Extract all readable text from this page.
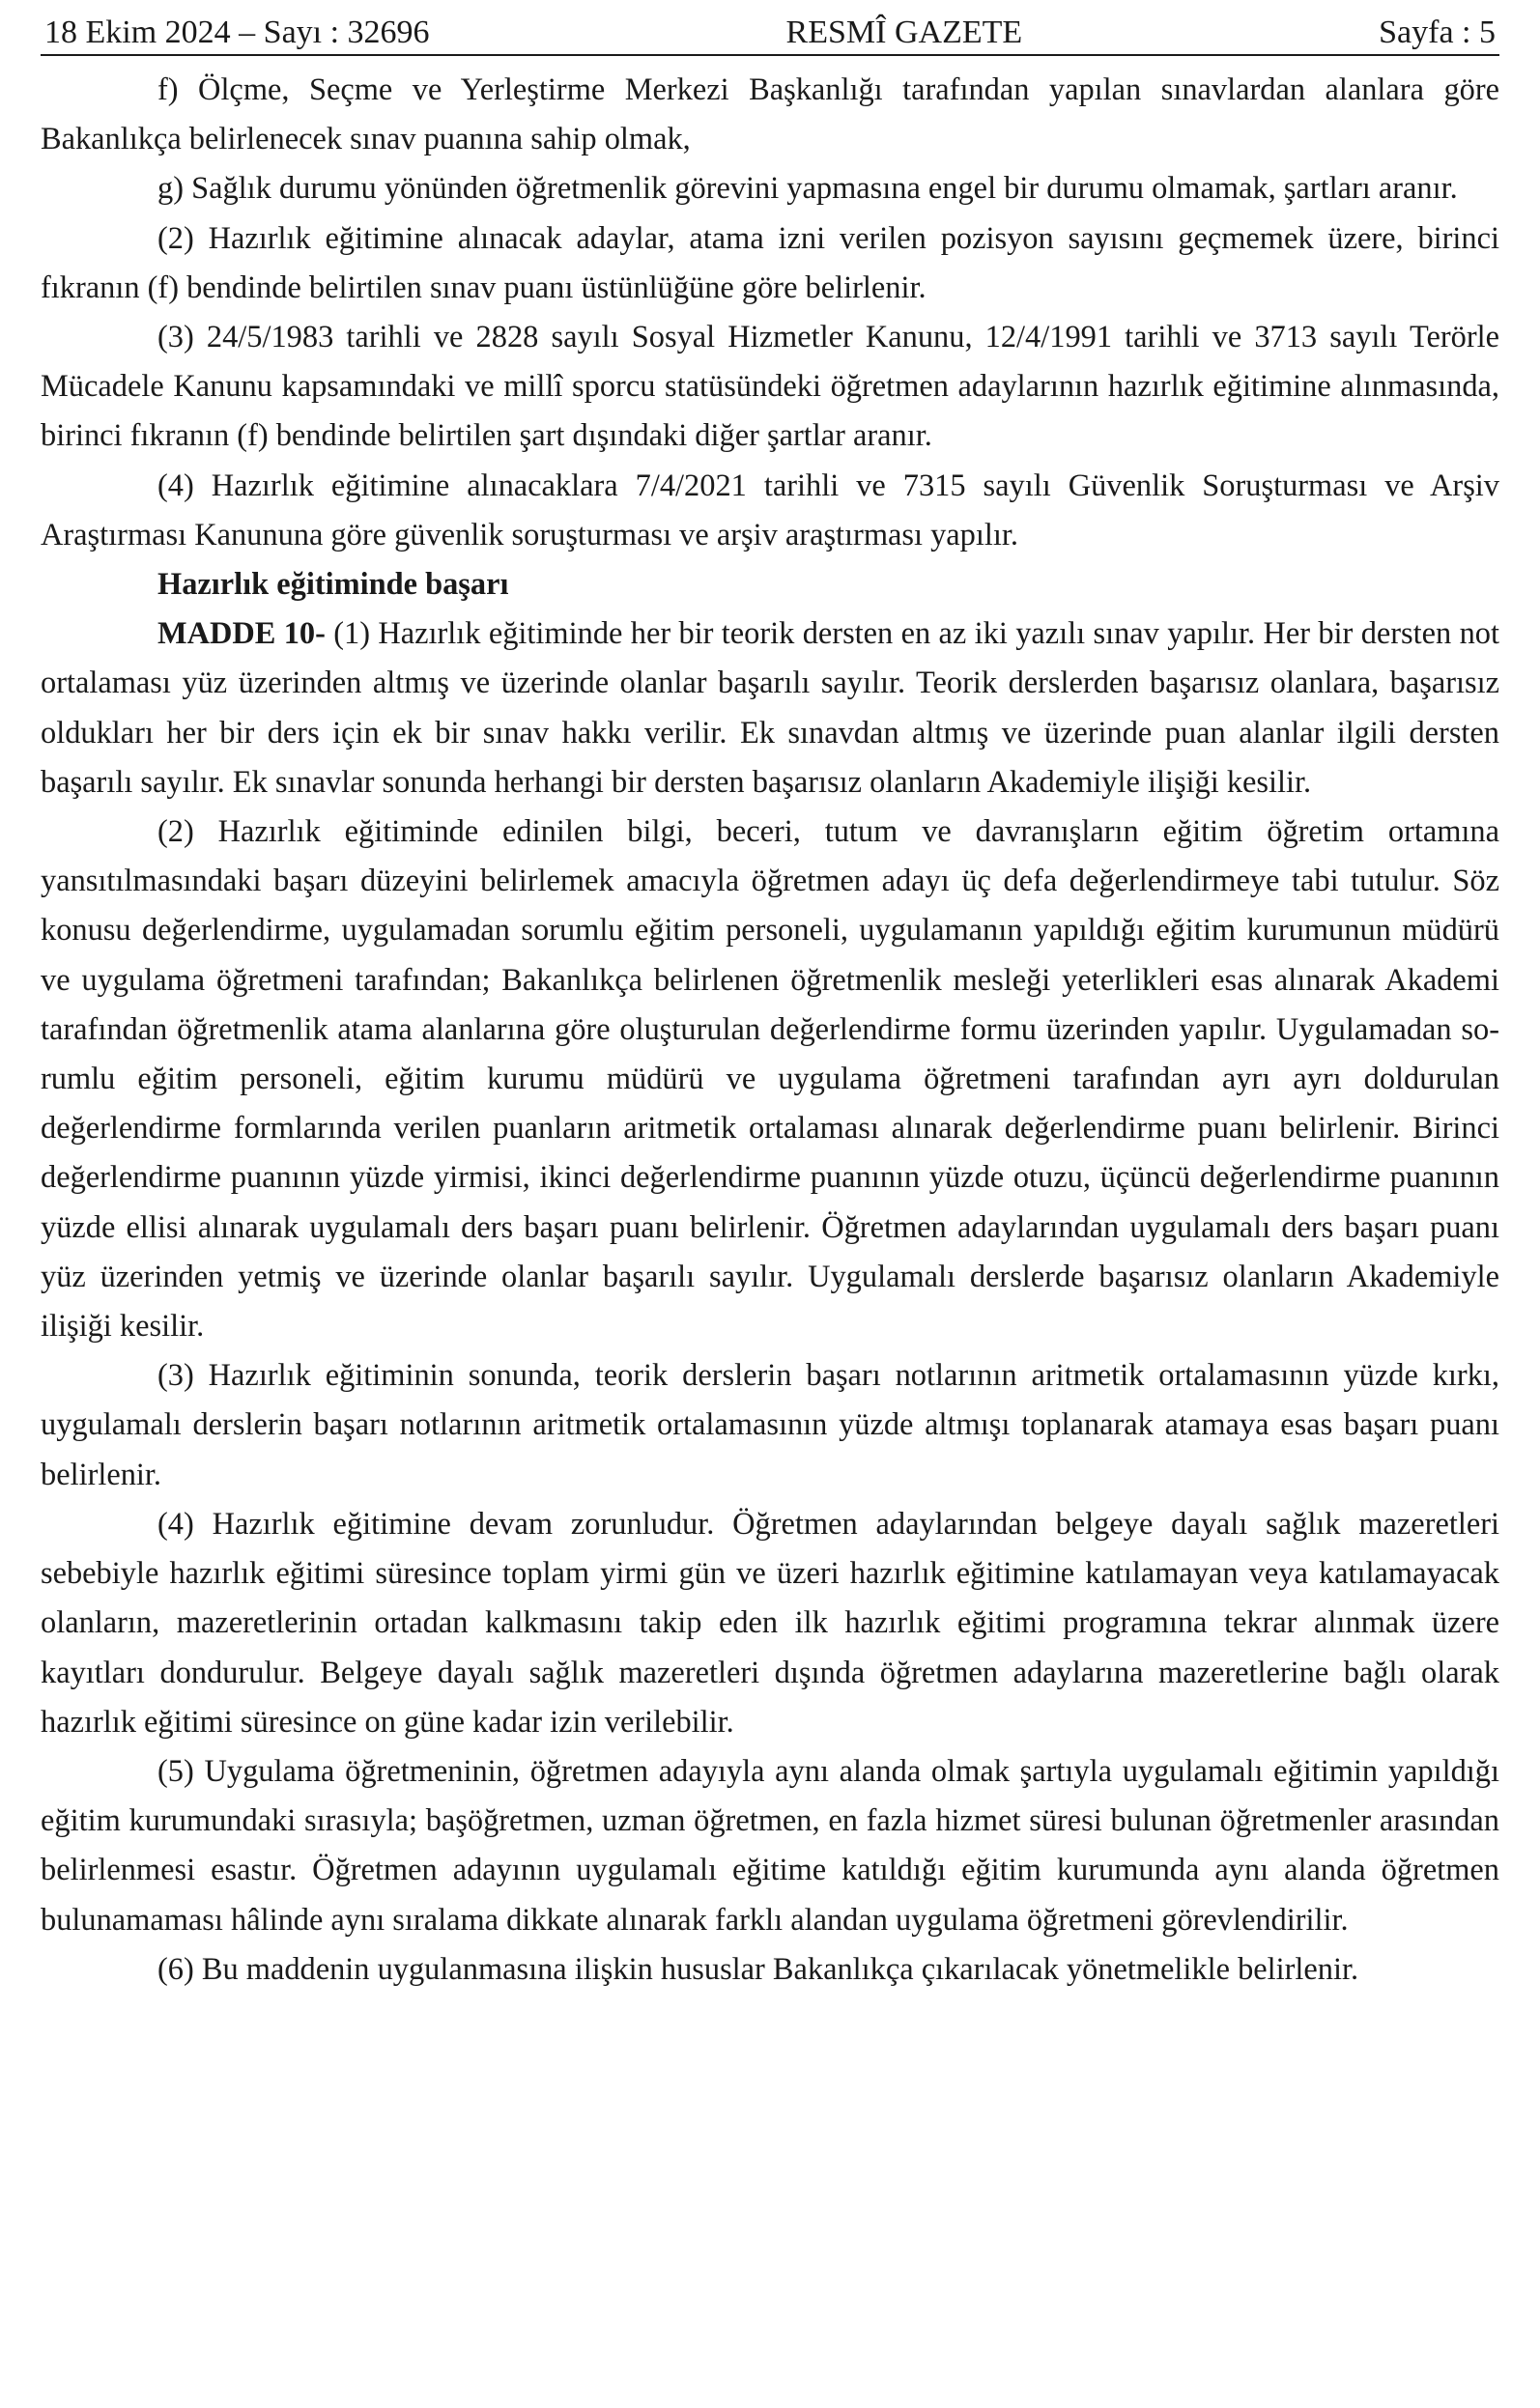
18 Ekim 2024 – Sayı : 32696	RESMÎ GAZETE	Sayfa : 5

f) Ölçme, Seçme ve Yerleştirme Merkezi Başkanlığı tarafından yapılan sınavlardan alanlara göre Bakanlıkça belirlenecek sınav puanına sahip olmak,

g) Sağlık durumu yönünden öğretmenlik görevini yapmasına engel bir durumu olmamak, şartları aranır.

(2) Hazırlık eğitimine alınacak adaylar, atama izni verilen pozisyon sayısını geçmemek üzere, birinci fıkranın (f) bendinde belirtilen sınav puanı üstünlüğüne göre belirlenir.

(3) 24/5/1983 tarihli ve 2828 sayılı Sosyal Hizmetler Kanunu, 12/4/1991 tarihli ve 3713 sayılı Terörle Mücadele Kanunu kapsamındaki ve millî sporcu statüsündeki öğretmen adaylarının hazırlık eğitimine alınmasında, birinci fıkranın (f) bendinde belirtilen şart dışındaki diğer şartlar aranır.

(4) Hazırlık eğitimine alınacaklara 7/4/2021 tarihli ve 7315 sayılı Güvenlik Soruşturması ve Arşiv Araştırması Kanununa göre güvenlik soruşturması ve arşiv araştırması yapılır.

Hazırlık eğitiminde başarı

MADDE 10- (1) Hazırlık eğitiminde her bir teorik dersten en az iki yazılı sınav yapılır. Her bir dersten not ortalaması yüz üzerinden altmış ve üzerinde olanlar başarılı sayılır. Teorik derslerden başarısız olanlara, başarısız oldukları her bir ders için ek bir sınav hakkı verilir. Ek sınavdan altmış ve üzerinde puan alanlar ilgili dersten başarılı sayılır. Ek sınavlar sonunda herhangi bir dersten başarısız olanların Akademiyle ilişiği kesilir.

(2) Hazırlık eğitiminde edinilen bilgi, beceri, tutum ve davranışların eğitim öğretim ortamına yansıtılmasındaki başarı düzeyini belirlemek amacıyla öğretmen adayı üç defa değerlendirmeye tabi tutulur. Söz konusu değerlendirme, uygulamadan sorumlu eğitim personeli, uygulamanın yapıldığı eğitim kurumunun müdürü ve uygulama öğretmeni tarafından; Bakanlıkça belirlenen öğretmenlik mesleği yeterlikleri esas alınarak Akademi tarafından öğretmenlik atama alanlarına göre oluşturulan değerlendirme formu üzerinden yapılır. Uygulamadan sorumlu eğitim personeli, eğitim kurumu müdürü ve uygulama öğretmeni tarafından ayrı ayrı doldurulan değerlendirme formlarında verilen puanların aritmetik ortalaması alınarak değerlendirme puanı belirlenir. Birinci değerlendirme puanının yüzde yirmisi, ikinci değerlendirme puanının yüzde otuzu, üçüncü değerlendirme puanının yüzde ellisi alınarak uygulamalı ders başarı puanı belirlenir. Öğretmen adaylarından uygulamalı ders başarı puanı yüz üzerinden yetmiş ve üzerinde olanlar başarılı sayılır. Uygulamalı derslerde başarısız olanların Akademiyle ilişiği kesilir.

(3) Hazırlık eğitiminin sonunda, teorik derslerin başarı notlarının aritmetik ortalamasının yüzde kırkı, uygulamalı derslerin başarı notlarının aritmetik ortalamasının yüzde altmışı toplanarak atamaya esas başarı puanı belirlenir.

(4) Hazırlık eğitimine devam zorunludur. Öğretmen adaylarından belgeye dayalı sağlık mazeretleri sebebiyle hazırlık eğitimi süresince toplam yirmi gün ve üzeri hazırlık eğitimine katılamayan veya katılamayacak olanların, mazeretlerinin ortadan kalkmasını takip eden ilk hazırlık eğitimi programına tekrar alınmak üzere kayıtları dondurulur. Belgeye dayalı sağlık mazeretleri dışında öğretmen adaylarına mazeretlerine bağlı olarak hazırlık eğitimi süresince on güne kadar izin verilebilir.

(5) Uygulama öğretmeninin, öğretmen adayıyla aynı alanda olmak şartıyla uygulamalı eğitimin yapıldığı eğitim kurumundaki sırasıyla; başöğretmen, uzman öğretmen, en fazla hizmet süresi bulunan öğretmenler arasından belirlenmesi esastır. Öğretmen adayının uygulamalı eğitime katıldığı eğitim kurumunda aynı alanda öğretmen bulunamaması hâlinde aynı sıralama dikkate alınarak farklı alandan uygulama öğretmeni görevlendirilir.

(6) Bu maddenin uygulanmasına ilişkin hususlar Bakanlıkça çıkarılacak yönetmelikle belirlenir.
